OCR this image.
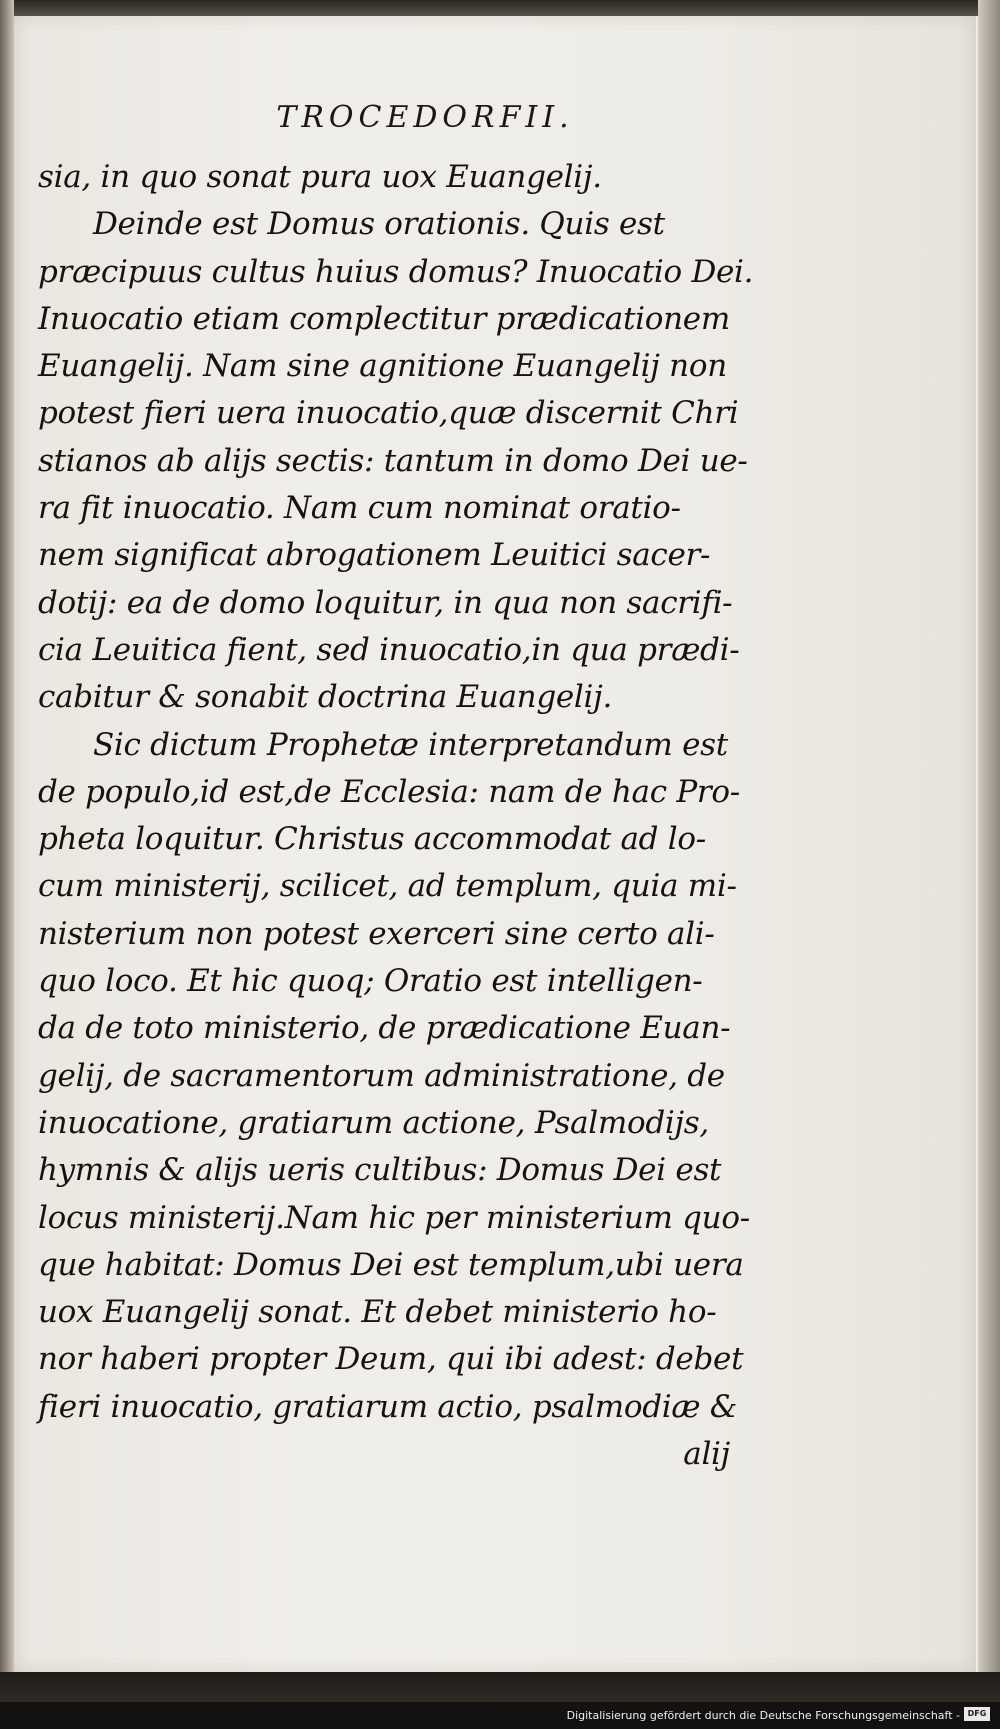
TROCEDORFII.
sia, in quo sonat pura uox Euangelij.
Deinde est Domus orationis. Quis est
præcipuus cultus huius domus? Inuocatio Dei.
Inuocatio etiam complectitur prædicationem
Euangelij. Nam sine agnitione Euangelij non
potest fieri uera inuocatio,quæ discernit Chri
stianos ab alijs sectis: tantum in domo Dei ue-
ra fit inuocatio. Nam cum nominat oratio-
nem significat abrogationem Leuitici sacer-
dotij: ea de domo loquitur, in qua non sacrifi-
cia Leuitica fient, sed inuocatio,in qua prædi-
cabitur & sonabit doctrina Euangelij.
Sic dictum Prophetæ interpretandum est
de populo,id est,de Ecclesia: nam de hac Pro-
pheta loquitur. Christus accommodat ad lo-
cum ministerij, scilicet, ad templum, quia mi-
nisterium non potest exerceri sine certo ali-
quo loco. Et hic quoq; Oratio est intelligen-
da de toto ministerio, de prædicatione Euan-
gelij, de sacramentorum administratione, de
inuocatione, gratiarum actione, Psalmodijs,
hymnis & alijs ueris cultibus: Domus Dei est
locus ministerij.Nam hic per ministerium quo-
que habitat: Domus Dei est templum,ubi uera
uox Euangelij sonat. Et debet ministerio ho-
nor haberi propter Deum, qui ibi adest: debet
fieri inuocatio, gratiarum actio, psalmodiæ &
alij
Digitalisierung gefördert durch die Deutsche Forschungsgemeinschaft - DFG
